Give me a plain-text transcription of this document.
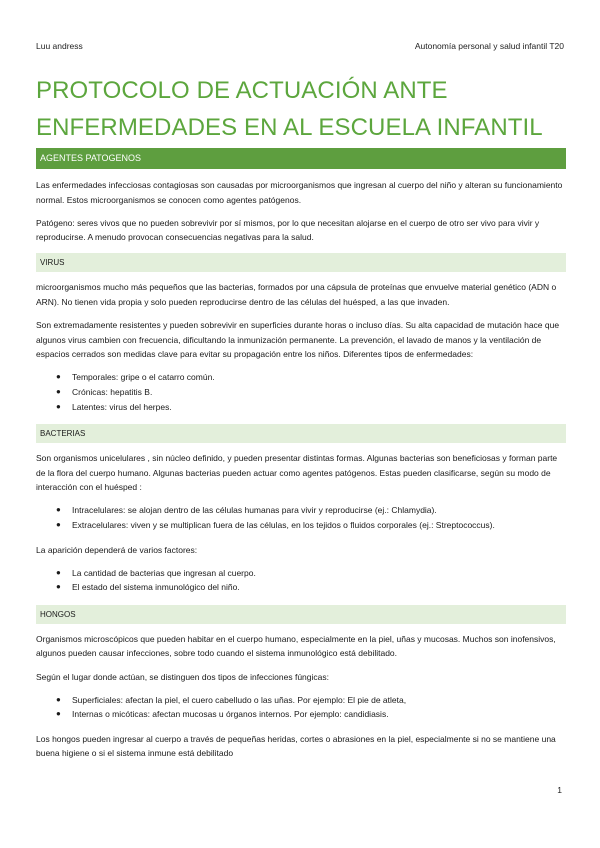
Luu andress	Autonomía personal y salud infantil T20
PROTOCOLO DE ACTUACIÓN ANTE
ENFERMEDADES EN AL ESCUELA INFANTIL
AGENTES PATOGENOS

Las enfermedades infecciosas contagiosas son causadas por microorganismos que ingresan al cuerpo del niño y alteran su funcionamiento normal. Estos microorganismos se conocen como agentes patógenos.

Patógeno: seres vivos que no pueden sobrevivir por sí mismos, por lo que necesitan alojarse en el cuerpo de otro ser vivo para vivir y reproducirse. A menudo provocan consecuencias negativas para la salud.

VIRUS

microorganismos mucho más pequeños que las bacterias, formados por una cápsula de proteínas que envuelve material genético (ADN o ARN). No tienen vida propia y solo pueden reproducirse dentro de las células del huésped, a las que invaden.

Son extremadamente resistentes y pueden sobrevivir en superficies durante horas o incluso días. Su alta capacidad de mutación hace que algunos virus cambien con frecuencia, dificultando la inmunización permanente. La prevención, el lavado de manos y la ventilación de espacios cerrados son medidas clave para evitar su propagación entre los niños. Diferentes tipos de enfermedades:

● Temporales: gripe o el catarro común.
● Crónicas: hepatitis B.
● Latentes: virus del herpes.
BACTERIAS

Son organismos unicelulares , sin núcleo definido, y pueden presentar distintas formas. Algunas bacterias son beneficiosas y forman parte de la flora del cuerpo humano. Algunas bacterias pueden actuar como agentes patógenos. Estas pueden clasificarse, según su modo de interacción con el huésped :

● Intracelulares: se alojan dentro de las células humanas para vivir y reproducirse (ej.: Chlamydia).
● Extracelulares: viven y se multiplican fuera de las células, en los tejidos o fluidos corporales (ej.: Streptococcus).

La aparición dependerá de varios factores:

● La cantidad de bacterias que ingresan al cuerpo.
● El estado del sistema inmunológico del niño.
HONGOS

Organismos microscópicos que pueden habitar en el cuerpo humano, especialmente en la piel, uñas y mucosas. Muchos son inofensivos, algunos pueden causar infecciones, sobre todo cuando el sistema inmunológico está debilitado.

Según el lugar donde actúan, se distinguen dos tipos de infecciones fúngicas:

● Superficiales: afectan la piel, el cuero cabelludo o las uñas. Por ejemplo: El pie de atleta,
● Internas o micóticas: afectan mucosas u órganos internos. Por ejemplo: candidiasis.

Los hongos pueden ingresar al cuerpo a través de pequeñas heridas, cortes o abrasiones en la piel, especialmente si no se mantiene una buena higiene o si el sistema inmune está debilitado

1
